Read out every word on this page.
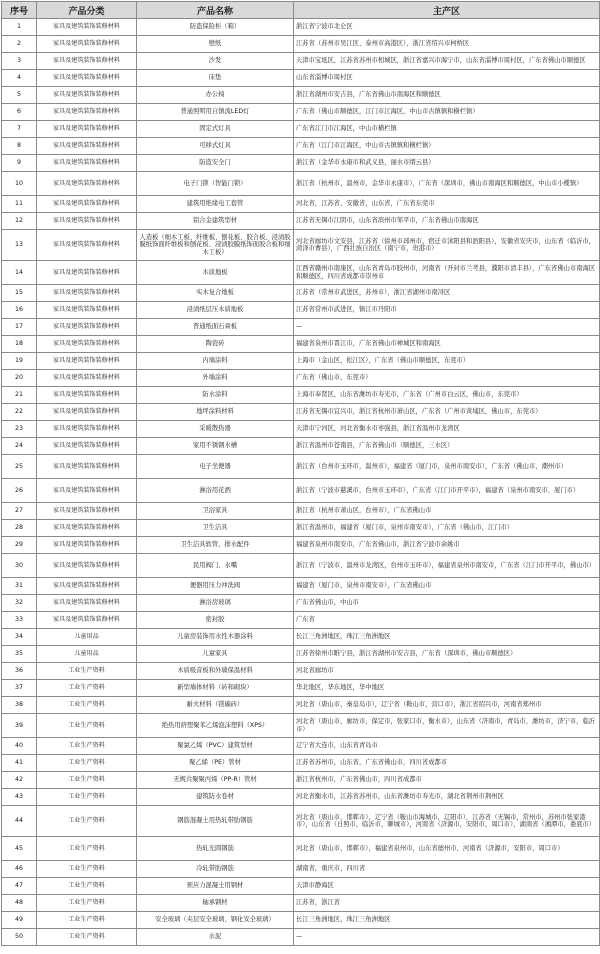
序号	产品分类	产品名称	主产区
1	家具及建筑装饰装修材料	防盗保险柜（箱）	浙江省宁波市北仑区
2	家具及建筑装饰装修材料	壁纸	江苏省（苏州市吴江区、泰州市高港区），浙江省绍兴市柯桥区
3	家具及建筑装饰装修材料	沙发	天津市宝坻区，江苏省苏州市相城区，浙江省嘉兴市海宁市，山东省淄博市周村区，广东省佛山市顺德区
4	家具及建筑装饰装修材料	床垫	山东省淄博市周村区
5	家具及建筑装饰装修材料	办公椅	浙江省湖州市安吉县，广东省佛山市南海区和顺德区
6	家具及建筑装饰装修材料	普通照明用自镇流LED灯	广东省（佛山市顺德区，江门市江海区，中山市古镇镇和横栏镇）
7	家具及建筑装饰装修材料	固定式灯具	广东省江门市江海区，中山市横栏镇
8	家具及建筑装饰装修材料	可移式灯具	广东省（江门市江海区，中山市古镇镇和横栏镇）
9	家具及建筑装饰装修材料	防盗安全门	浙江省（金华市永康市和武义县，丽水市缙云县）
10	家具及建筑装饰装修材料	电子门锁（智能门锁）	浙江省（杭州市，温州市，金华市永康市），广东省（深圳市，佛山市南海区和顺德区，中山市小榄镇）
11	家具及建筑装饰装修材料	建筑用绝缘电工套管	河北省，江苏省，安徽省，山东省，广东省东莞市
12	家具及建筑装饰装修材料	铝合金建筑型材	江苏省无锡市江阴市，山东省滨州市邹平市，广东省佛山市南海区
13	家具及建筑装饰装修材料	人造板（细木工板、纤维板、刨花板、胶合板、浸渍胶膜纸饰面纤维板和刨花板、浸渍胶膜纸饰面胶合板和细木工板）	河北省廊坊市文安县，江苏省（徐州市邳州市，宿迁市沭阳县和泗阳县），安徽省安庆市，山东省（临沂市，菏泽市曹县），广西壮族自治区（南宁市，贵港市）
14	家具及建筑装饰装修材料	木质地板	江西省赣州市南康区，山东省青岛市胶州市，河南省（开封市兰考县，濮阳市清丰县），广东省佛山市南海区和顺德区，四川省成都市崇州市
15	家具及建筑装饰装修材料	实木复合地板	江苏省（常州市武进区，苏州市），浙江省湖州市南浔区
16	家具及建筑装饰装修材料	浸渍纸层压木质地板	江苏省常州市武进区，镇江市丹阳市
17	家具及建筑装饰装修材料	普通纸面石膏板	—
18	家具及建筑装饰装修材料	陶瓷砖	福建省泉州市晋江市，广东省佛山市禅城区和南海区
19	家具及建筑装饰装修材料	内墙涂料	上海市（金山区，松江区），广东省（佛山市顺德区，东莞市）
20	家具及建筑装饰装修材料	外墙涂料	广东省（佛山市，东莞市）
21	家具及建筑装饰装修材料	防水涂料	上海市奉贤区，山东省潍坊市寿光市，广东省（广州市白云区，佛山市，东莞市）
22	家具及建筑装饰装修材料	地坪涂料材料	江苏省无锡市宜兴市，浙江省杭州市萧山区，广东省（广州市黄埔区，佛山市，东莞市）
23	家具及建筑装饰装修材料	采暖散热器	天津市宁河区，河北省衡水市枣强县，浙江省温州市龙湾区
24	家具及建筑装饰装修材料	家用不锈钢水槽	浙江省温州市苍南县，广东省佛山市（顺德区，三水区）
25	家具及建筑装饰装修材料	电子坐便器	浙江省（台州市玉环市，温州市），福建省（厦门市，泉州市南安市），广东省（佛山市，潮州市）
26	家具及建筑装饰装修材料	淋浴用花洒	浙江省（宁波市慈溪市，台州市玉环市），广东省（江门市开平市），福建省（泉州市南安市，厦门市）
27	家具及建筑装饰装修材料	卫浴家具	浙江省（杭州市萧山区，台州市），广东省佛山市
28	家具及建筑装饰装修材料	卫生洁具	浙江省温州市，福建省（厦门市，泉州市南安市），广东省（佛山市，江门市）
29	家具及建筑装饰装修材料	卫生洁具软管、排水配件	福建省泉州市南安市，广东省佛山市，浙江省宁波市余姚市
30	家具及建筑装饰装修材料	民用阀门、水嘴	浙江省（宁波市，温州市龙湾区，台州市玉环市），福建省泉州市南安市，广东省（江门市开平市，佛山市）
31	家具及建筑装饰装修材料	便器用压力冲洗阀	福建省（厦门市，泉州市南安市），广东省佛山市
32	家具及建筑装饰装修材料	淋浴房玻璃	广东省佛山市，中山市
33	家具及建筑装饰装修材料	密封胶	广东省
34	儿童用品	儿童房装饰用水性木器涂料	长江三角洲地区，珠江三角洲地区
35	儿童用品	儿童家具	江苏省徐州市睢宁县，浙江省湖州市安吉县，广东省（深圳市，佛山市顺德区）
36	工业生产资料	木质吸音板和外墙保温材料	河北省廊坊市
37	工业生产资料	新型墙体材料（砖和砌块）	华北地区，华东地区，华中地区
38	工业生产资料	耐火材料（镁碳砖）	河北省（唐山市，秦皇岛市），辽宁省（鞍山市，营口市），浙江省绍兴市，河南省郑州市
39	工业生产资料	绝热用挤塑聚苯乙烯泡沫塑料（XPS）	河北省（唐山市，廊坊市，保定市，张家口市，衡水市），山东省（济南市，青岛市，潍坊市，济宁市，临沂市）
40	工业生产资料	聚氯乙烯（PVC）建筑型材	辽宁省大连市，山东省青岛市
41	工业生产资料	聚乙烯（PE）管材	江苏省苏州市，山东省，广东省佛山市，四川省成都市
42	工业生产资料	无规共聚聚丙烯（PP-R）管材	浙江省杭州市，广东省佛山市，四川省成都市
43	工业生产资料	建筑防水卷材	河北省衡水市，江苏省苏州市，山东省潍坊市寿光市，湖北省荆州市荆州区
44	工业生产资料	钢筋混凝土用热轧带肋钢筋	河北省（唐山市，邯郸市），辽宁省（鞍山市海城市，辽阳市），江苏省（无锡市，常州市，苏州市张家港市），山东省（日照市，临沂市，聊城市），河南省（济源市，安阳市，周口市），湖南省（湘潭市，娄底市）
45	工业生产资料	热轧光圆钢筋	河北省（唐山市，邯郸市），福建省泉州市，山东省德州市，河南省（济源市，安阳市，周口市）
46	工业生产资料	冷轧带肋钢筋	湖南省，重庆市，四川省
47	工业生产资料	预应力混凝土用钢材	天津市静海区
48	工业生产资料	轴承钢材	江苏省，浙江省
49	工业生产资料	安全玻璃（夹层安全玻璃、钢化安全玻璃）	长江三角洲地区，珠江三角洲地区
50	工业生产资料	水泥	—
